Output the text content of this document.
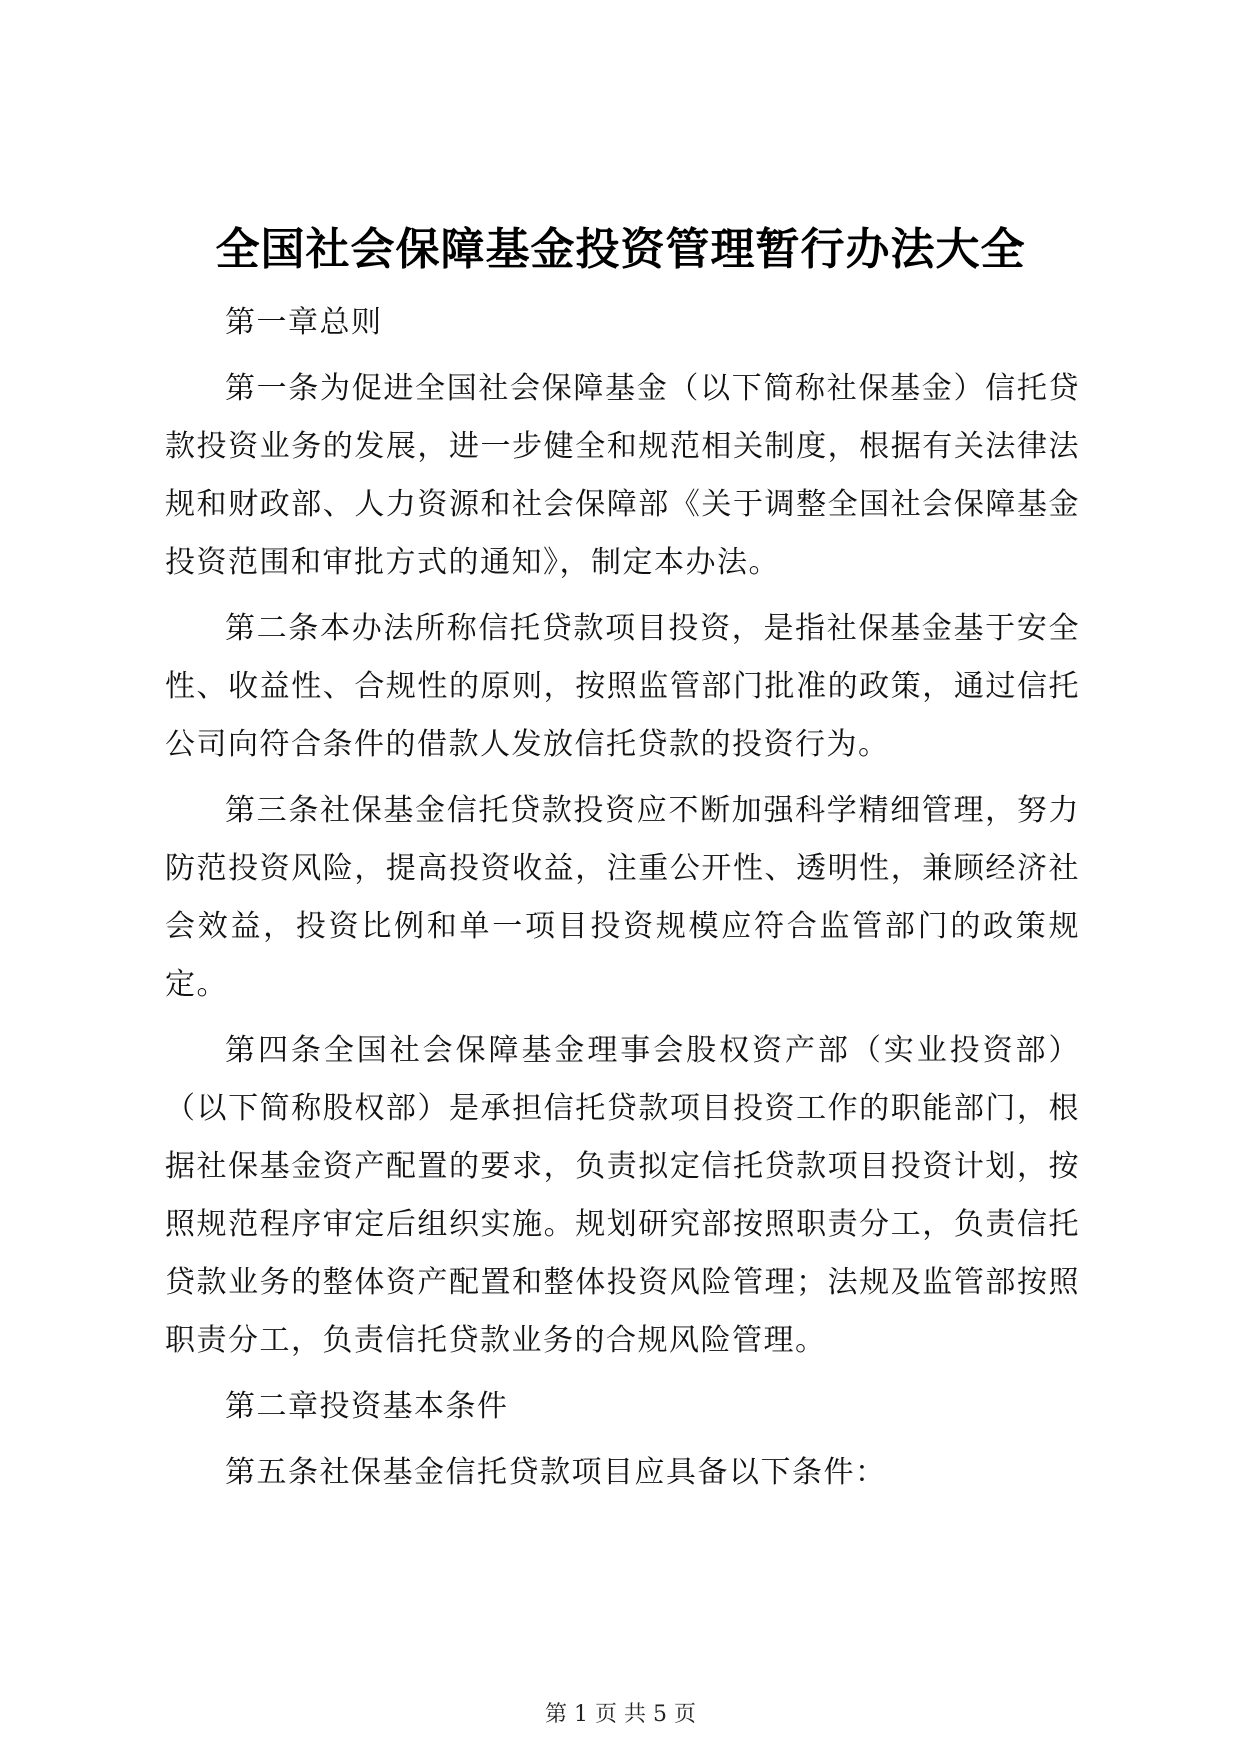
全国社会保障基金投资管理暂行办法大全

第一章总则

第一条为促进全国社会保障基金（以下简称社保基金）信托贷款投资业务的发展，进一步健全和规范相关制度，根据有关法律法规和财政部、人力资源和社会保障部《关于调整全国社会保障基金投资范围和审批方式的通知》，制定本办法。

第二条本办法所称信托贷款项目投资，是指社保基金基于安全性、收益性、合规性的原则，按照监管部门批准的政策，通过信托公司向符合条件的借款人发放信托贷款的投资行为。

第三条社保基金信托贷款投资应不断加强科学精细管理，努力防范投资风险，提高投资收益，注重公开性、透明性，兼顾经济社会效益，投资比例和单一项目投资规模应符合监管部门的政策规定。

第四条全国社会保障基金理事会股权资产部（实业投资部）（以下简称股权部）是承担信托贷款项目投资工作的职能部门，根据社保基金资产配置的要求，负责拟定信托贷款项目投资计划，按照规范程序审定后组织实施。规划研究部按照职责分工，负责信托贷款业务的整体资产配置和整体投资风险管理；法规及监管部按照职责分工，负责信托贷款业务的合规风险管理。

第二章投资基本条件

第五条社保基金信托贷款项目应具备以下条件：

第 1 页 共 5 页
